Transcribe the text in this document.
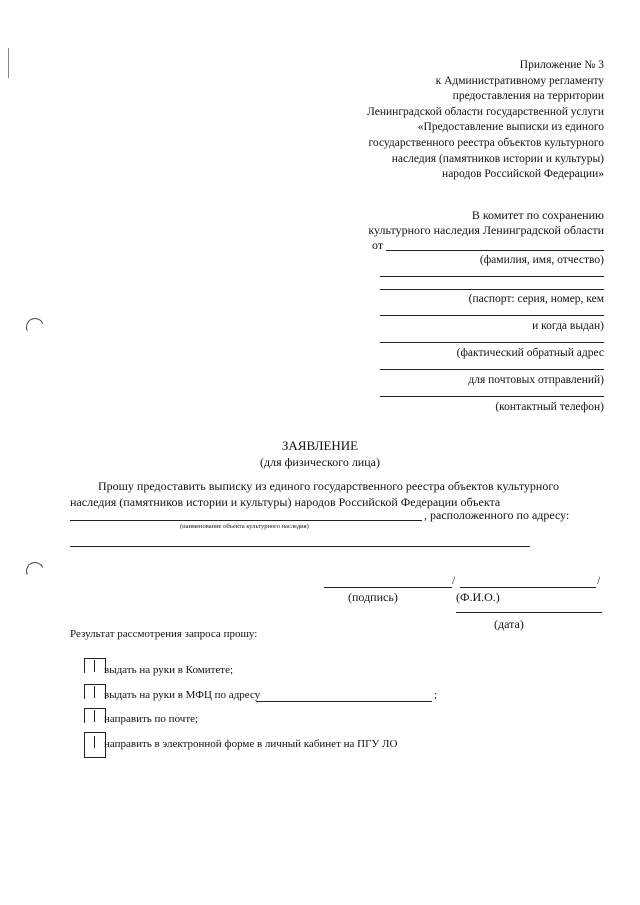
Приложение № 3
к Административному регламенту
предоставления на территории
Ленинградской области государственной услуги
«Предоставление выписки из единого
государственного реестра объектов культурного
наследия (памятников истории и культуры)
народов Российской Федерации»
В комитет по сохранению
культурного наследия Ленинградской области
от
(фамилия, имя, отчество)
(паспорт: серия, номер, кем
и когда выдан)
(фактический обратный адрес
для почтовых отправлений)
(контактный телефон)
ЗАЯВЛЕНИЕ
(для физического лица)
Прошу предоставить выписку из единого государственного реестра объектов культурного
наследия (памятников истории и культуры) народов Российской Федерации объекта
, расположенного по адресу:
(наименование объекта культурного наследия)
/	/
(подпись)	(Ф.И.О.)
(дата)
Результат рассмотрения запроса прошу:
выдать на руки в Комитете;
выдать на руки в МФЦ по адресу	;
направить по почте;
направить в электронной форме в личный кабинет на ПГУ ЛО
